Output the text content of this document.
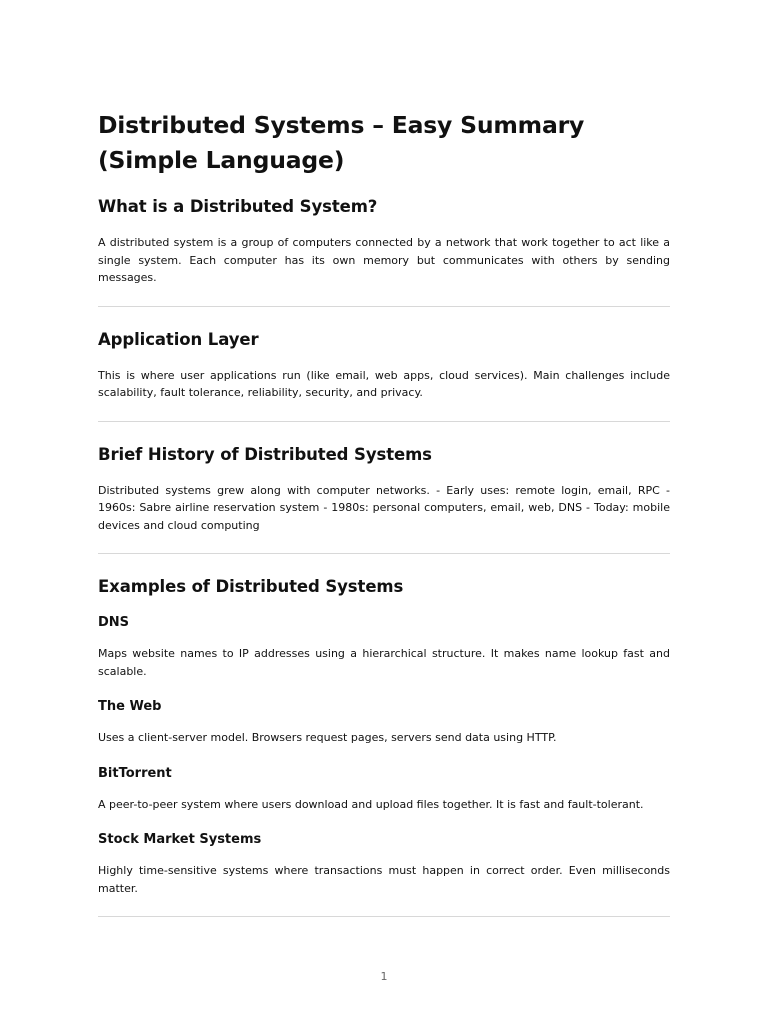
Distributed Systems – Easy Summary (Simple Language)
What is a Distributed System?

A distributed system is a group of computers connected by a network that work together to act like a single system. Each computer has its own memory but communicates with others by sending messages.

Application Layer

This is where user applications run (like email, web apps, cloud services). Main challenges include scalability, fault tolerance, reliability, security, and privacy.

Brief History of Distributed Systems

Distributed systems grew along with computer networks. - Early uses: remote login, email, RPC - 1960s: Sabre airline reservation system - 1980s: personal computers, email, web, DNS - Today: mobile devices and cloud computing

Examples of Distributed Systems
DNS

Maps website names to IP addresses using a hierarchical structure. It makes name lookup fast and scalable.

The Web

Uses a client-server model. Browsers request pages, servers send data using HTTP.

BitTorrent

A peer-to-peer system where users download and upload files together. It is fast and fault-tolerant.

Stock Market Systems

Highly time-sensitive systems where transactions must happen in correct order. Even milliseconds matter.

1
